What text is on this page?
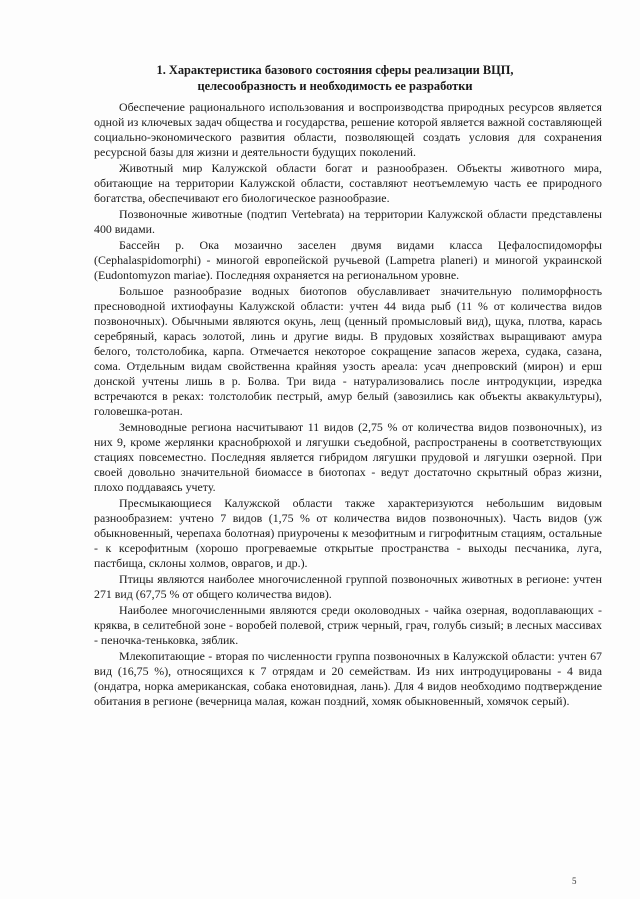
1. Характеристика базового состояния сферы реализации ВЦП,
целесообразность и необходимость ее разработки

Обеспечение рационального использования и воспроизводства природных ресурсов является одной из ключевых задач общества и государства, решение которой является важной составляющей социально-экономического развития области, позволяющей создать условия для сохранения ресурсной базы для жизни и деятельности будущих поколений.

Животный мир Калужской области богат и разнообразен. Объекты животного мира, обитающие на территории Калужской области, составляют неотъемлемую часть ее природного богатства, обеспечивают его биологическое разнообразие.

Позвоночные животные (подтип Vertebrata) на территории Калужской области представлены 400 видами.

Бассейн р. Ока мозаично заселен двумя видами класса Цефалоспидоморфы (Cephalaspidomorphi) - миногой европейской ручьевой (Lampetra planeri) и миногой украинской (Eudontomyzon mariae). Последняя охраняется на региональном уровне.

Большое разнообразие водных биотопов обуславливает значительную полиморфность пресноводной ихтиофауны Калужской области: учтен 44 вида рыб (11 % от количества видов позвоночных). Обычными являются окунь, лещ (ценный промысловый вид), щука, плотва, карась серебряный, карась золотой, линь и другие виды. В прудовых хозяйствах выращивают амура белого, толстолобика, карпа. Отмечается некоторое сокращение запасов жереха, судака, сазана, сома. Отдельным видам свойственна крайняя узость ареала: усач днепровский (мирон) и ерш донской учтены лишь в р. Болва. Три вида - натурализовались после интродукции, изредка встречаются в реках: толстолобик пестрый, амур белый (завозились как объекты аквакультуры), головешка-ротан.

Земноводные региона насчитывают 11 видов (2,75 % от количества видов позвоночных), из них 9, кроме жерлянки краснобрюхой и лягушки съедобной, распространены в соответствующих стациях повсеместно. Последняя является гибридом лягушки прудовой и лягушки озерной. При своей довольно значительной биомассе в биотопах - ведут достаточно скрытный образ жизни, плохо поддаваясь учету.

Пресмыкающиеся Калужской области также характеризуются небольшим видовым разнообразием: учтено 7 видов (1,75 % от количества видов позвоночных). Часть видов (уж обыкновенный, черепаха болотная) приурочены к мезофитным и гигрофитным стациям, остальные - к ксерофитным (хорошо прогреваемые открытые пространства - выходы песчаника, луга, пастбища, склоны холмов, оврагов, и др.).

Птицы являются наиболее многочисленной группой позвоночных животных в регионе: учтен 271 вид (67,75 % от общего количества видов).

Наиболее многочисленными являются среди околоводных - чайка озерная, водоплавающих - кряква, в селитебной зоне - воробей полевой, стриж черный, грач, голубь сизый; в лесных массивах - пеночка-теньковка, зяблик.

Млекопитающие - вторая по численности группа позвоночных в Калужской области: учтен 67 вид (16,75 %), относящихся к 7 отрядам и 20 семействам. Из них интродуцированы - 4 вида (ондатра, норка американская, собака енотовидная, лань). Для 4 видов необходимо подтверждение обитания в регионе (вечерница малая, кожан поздний, хомяк обыкновенный, хомячок серый).

5
